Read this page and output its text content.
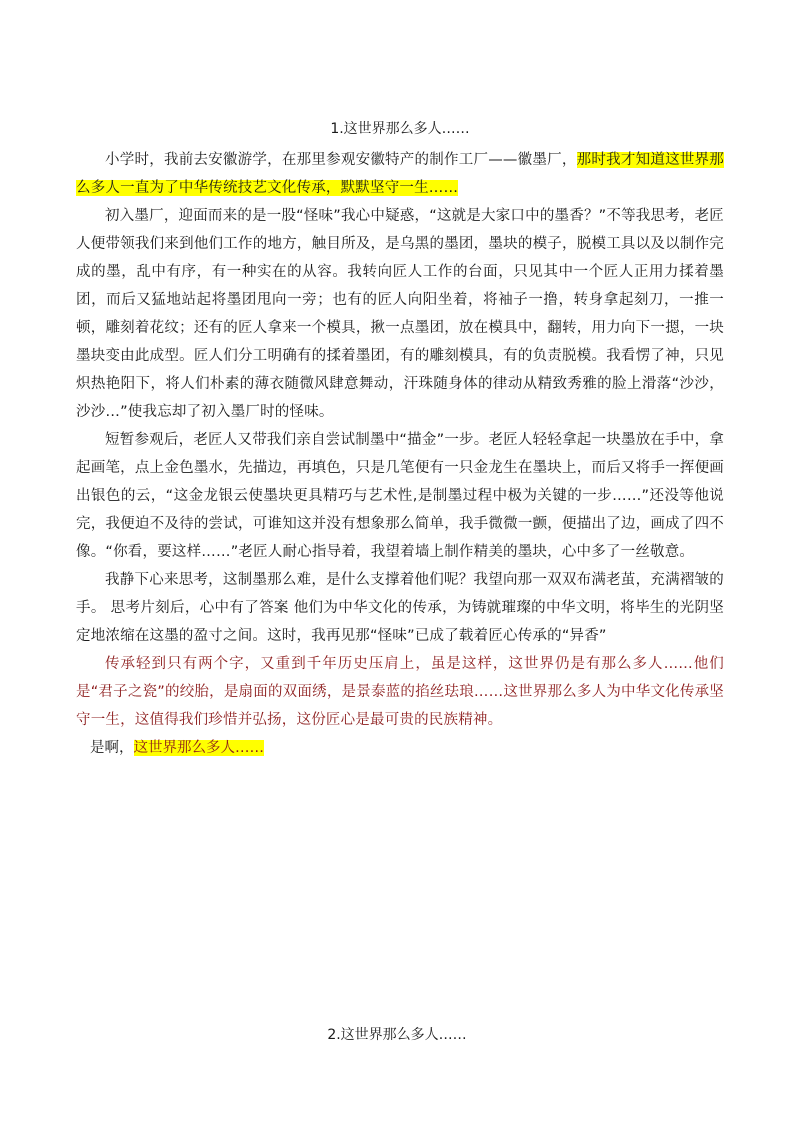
1.这世界那么多人……

小学时，我前去安徽游学，在那里参观安徽特产的制作工厂——徽墨厂，那时我才知道这世界那么多人一直为了中华传统技艺文化传承，默默坚守一生……

初入墨厂，迎面而来的是一股“怪味”我心中疑惑，“这就是大家口中的墨香？”不等我思考，老匠人便带领我们来到他们工作的地方，触目所及，是乌黑的墨团，墨块的模子，脱模工具以及以制作完成的墨，乱中有序，有一种实在的从容。我转向匠人工作的台面，只见其中一个匠人正用力揉着墨团，而后又猛地站起将墨团甩向一旁；也有的匠人向阳坐着，将袖子一撸，转身拿起刻刀，一推一顿，雕刻着花纹；还有的匠人拿来一个模具，揪一点墨团，放在模具中，翻转，用力向下一摁，一块墨块变由此成型。匠人们分工明确有的揉着墨团，有的雕刻模具，有的负责脱模。我看愣了神，只见炽热艳阳下，将人们朴素的薄衣随微风肆意舞动，汗珠随身体的律动从精致秀雅的脸上滑落“沙沙，沙沙…”使我忘却了初入墨厂时的怪味。

短暂参观后，老匠人又带我们亲自尝试制墨中“描金”一步。老匠人轻轻拿起一块墨放在手中，拿起画笔，点上金色墨水，先描边，再填色，只是几笔便有一只金龙生在墨块上，而后又将手一挥便画出银色的云，“这金龙银云使墨块更具精巧与艺术性,是制墨过程中极为关键的一步……”还没等他说完，我便迫不及待的尝试，可谁知这并没有想象那么简单，我手微微一颤，便描出了边，画成了四不像。“你看，要这样……”老匠人耐心指导着，我望着墙上制作精美的墨块，心中多了一丝敬意。

我静下心来思考，这制墨那么难，是什么支撑着他们呢？我望向那一双双布满老茧，充满褶皱的手。 思考片刻后，心中有了答案 他们为中华文化的传承，为铸就璀璨的中华文明，将毕生的光阴坚定地浓缩在这墨的盈寸之间。这时，我再见那“怪味”已成了载着匠心传承的“异香”

传承轻到只有两个字，又重到千年历史压肩上，虽是这样，这世界仍是有那么多人……他们是“君子之瓷”的绞胎，是扇面的双面绣，是景泰蓝的掐丝珐琅……这世界那么多人为中华文化传承坚守一生，这值得我们珍惜并弘扬，这份匠心是最可贵的民族精神。

是啊，这世界那么多人……

2.这世界那么多人……
